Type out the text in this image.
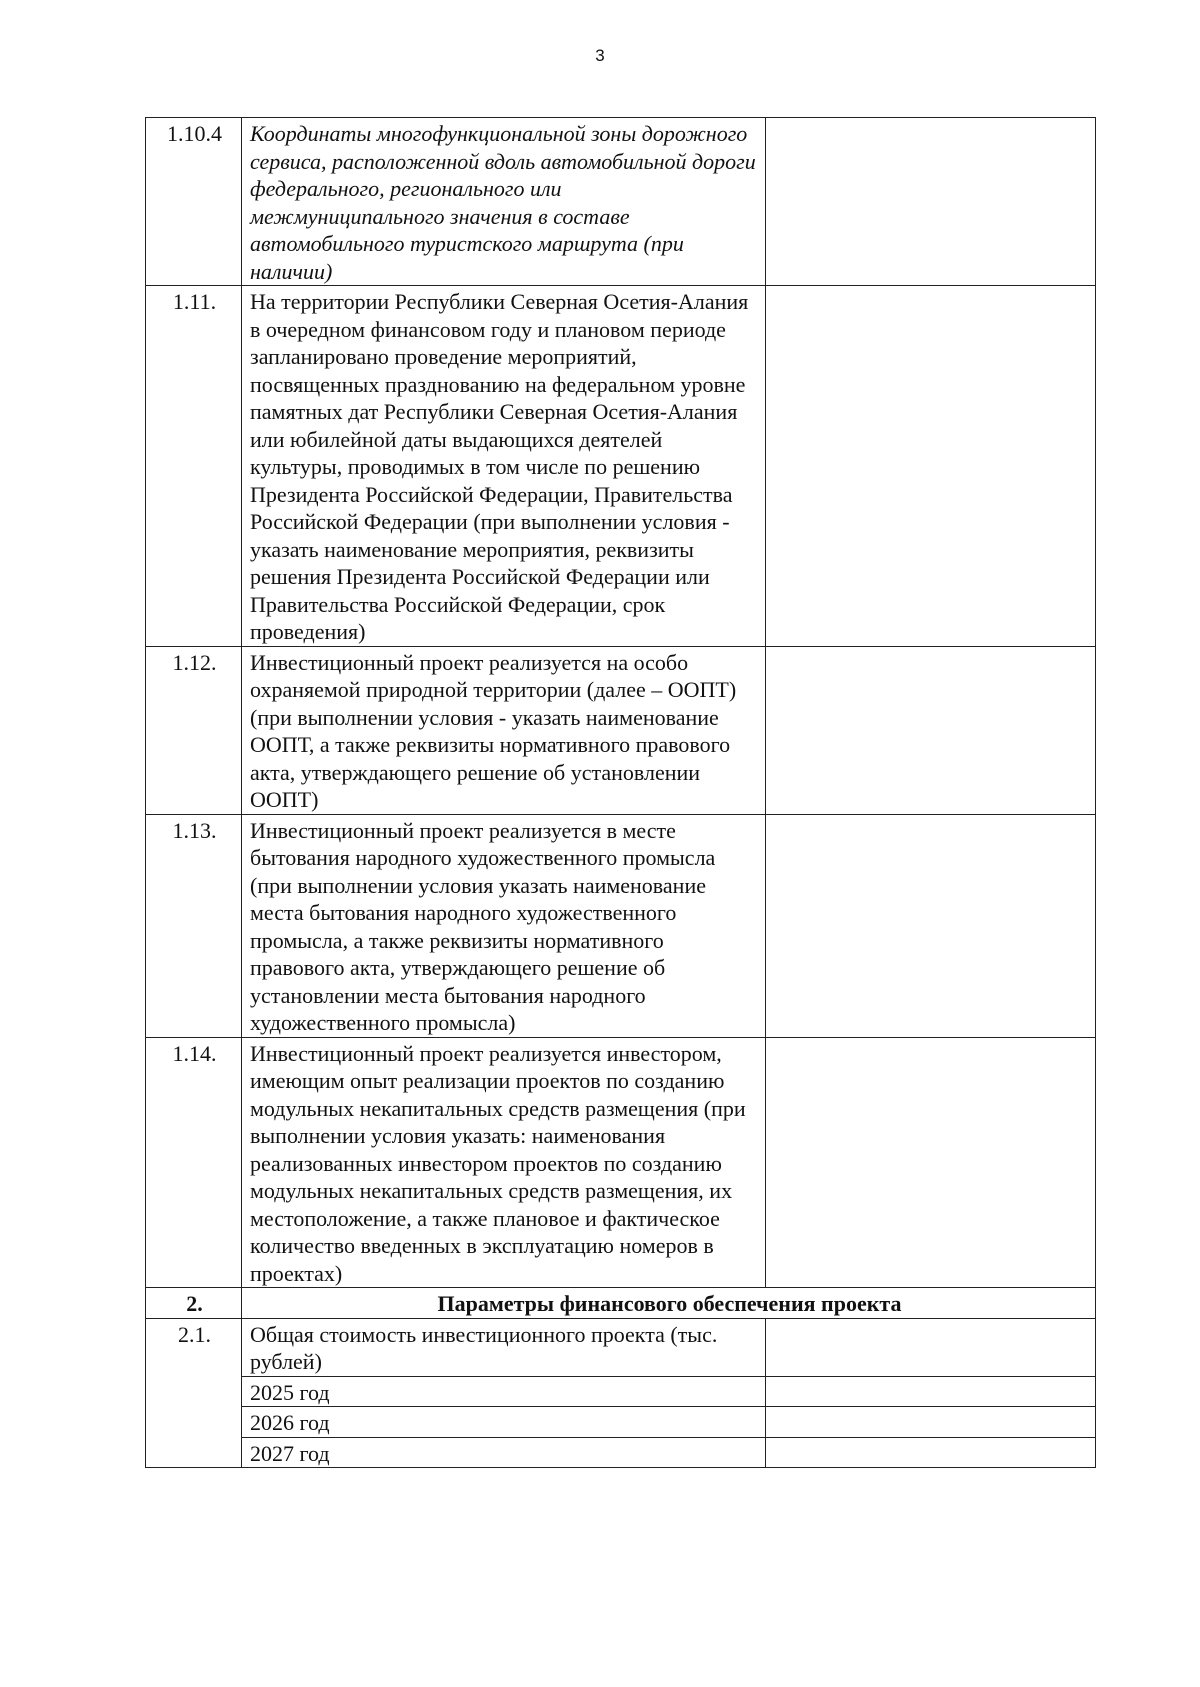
3
1.10.4	Координаты многофункциональной зоны дорожного сервиса, расположенной вдоль автомобильной дороги федерального, регионального или межмуниципального значения в составе автомобильного туристского маршрута (при наличии)	
1.11.	На территории Республики Северная Осетия-Алания в очередном финансовом году и плановом периоде запланировано проведение мероприятий, посвященных празднованию на федеральном уровне памятных дат Республики Северная Осетия-Алания или юбилейной даты выдающихся деятелей культуры, проводимых в том числе по решению Президента Российской Федерации, Правительства Российской Федерации (при выполнении условия - указать наименование мероприятия, реквизиты решения Президента Российской Федерации или Правительства Российской Федерации, срок проведения)	
1.12.	Инвестиционный проект реализуется на особо охраняемой природной территории (далее – ООПТ) (при выполнении условия - указать наименование ООПТ, а также реквизиты нормативного правового акта, утверждающего решение об установлении ООПТ)	
1.13.	Инвестиционный проект реализуется в месте бытования народного художественного промысла (при выполнении условия указать наименование места бытования народного художественного промысла, а также реквизиты нормативного правового акта, утверждающего решение об установлении места бытования народного художественного промысла)	
1.14.	Инвестиционный проект реализуется инвестором, имеющим опыт реализации проектов по созданию модульных некапитальных средств размещения (при выполнении условия указать: наименования реализованных инвестором проектов по созданию модульных некапитальных средств размещения, их местоположение, а также плановое и фактическое количество введенных в эксплуатацию номеров в проектах)	
2.	Параметры финансового обеспечения проекта	
2.1.	Общая стоимость инвестиционного проекта (тыс. рублей)	
	2025 год	
	2026 год	
	2027 год	
